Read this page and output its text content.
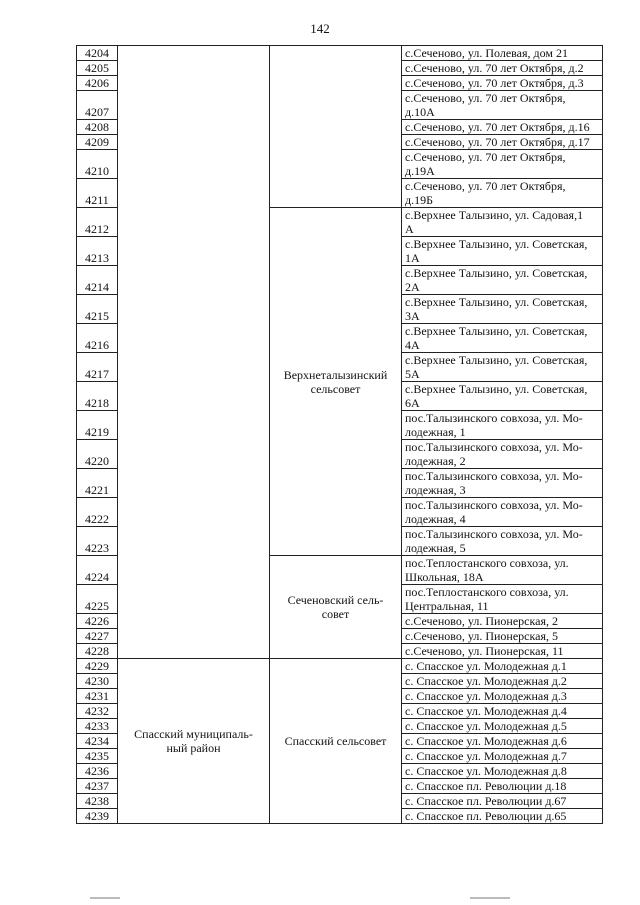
142
4204			с.Сеченово, ул. Полевая, дом 21
4205			с.Сеченово, ул. 70 лет Октября, д.2
4206			с.Сеченово, ул. 70 лет Октября, д.3
4207			с.Сеченово, ул. 70 лет Октября,
д.10А
4208			с.Сеченово, ул. 70 лет Октября, д.16
4209			с.Сеченово, ул. 70 лет Октября, д.17
4210			с.Сеченово, ул. 70 лет Октября,
д.19А
4211			с.Сеченово, ул. 70 лет Октября,
д.19Б
4212		Верхнеталызинский
сельсовет	с.Верхнее Талызино, ул. Садовая,1
А
4213			с.Верхнее Талызино, ул. Советская,
1А
4214			с.Верхнее Талызино, ул. Советская,
2А
4215			с.Верхнее Талызино, ул. Советская,
3А
4216			с.Верхнее Талызино, ул. Советская,
4А
4217			с.Верхнее Талызино, ул. Советская,
5А
4218			с.Верхнее Талызино, ул. Советская,
6А
4219			пос.Талызинского совхоза, ул. Мо-
лодежная, 1
4220			пос.Талызинского совхоза, ул. Мо-
лодежная, 2
4221			пос.Талызинского совхоза, ул. Мо-
лодежная, 3
4222			пос.Талызинского совхоза, ул. Мо-
лодежная, 4
4223			пос.Талызинского совхоза, ул. Мо-
лодежная, 5
4224		Сеченовский сель-
совет	пос.Теплостанского совхоза, ул.
Школьная, 18А
4225			пос.Теплостанского совхоза, ул.
Центральная, 11
4226			с.Сеченово, ул. Пионерская, 2
4227			с.Сеченово, ул. Пионерская, 5
4228			с.Сеченово, ул. Пионерская, 11
4229	Спасский муниципаль-
ный район	Спасский сельсовет	с. Спасское ул. Молодежная д.1
4230			с. Спасское ул. Молодежная д.2
4231			с. Спасское ул. Молодежная д.3
4232			с. Спасское ул. Молодежная д.4
4233			с. Спасское ул. Молодежная д.5
4234			с. Спасское ул. Молодежная д.6
4235			с. Спасское ул. Молодежная д.7
4236			с. Спасское ул. Молодежная д.8
4237			с. Спасское пл. Революции д.18
4238			с. Спасское пл. Революции д.67
4239			с. Спасское пл. Революции д.65
